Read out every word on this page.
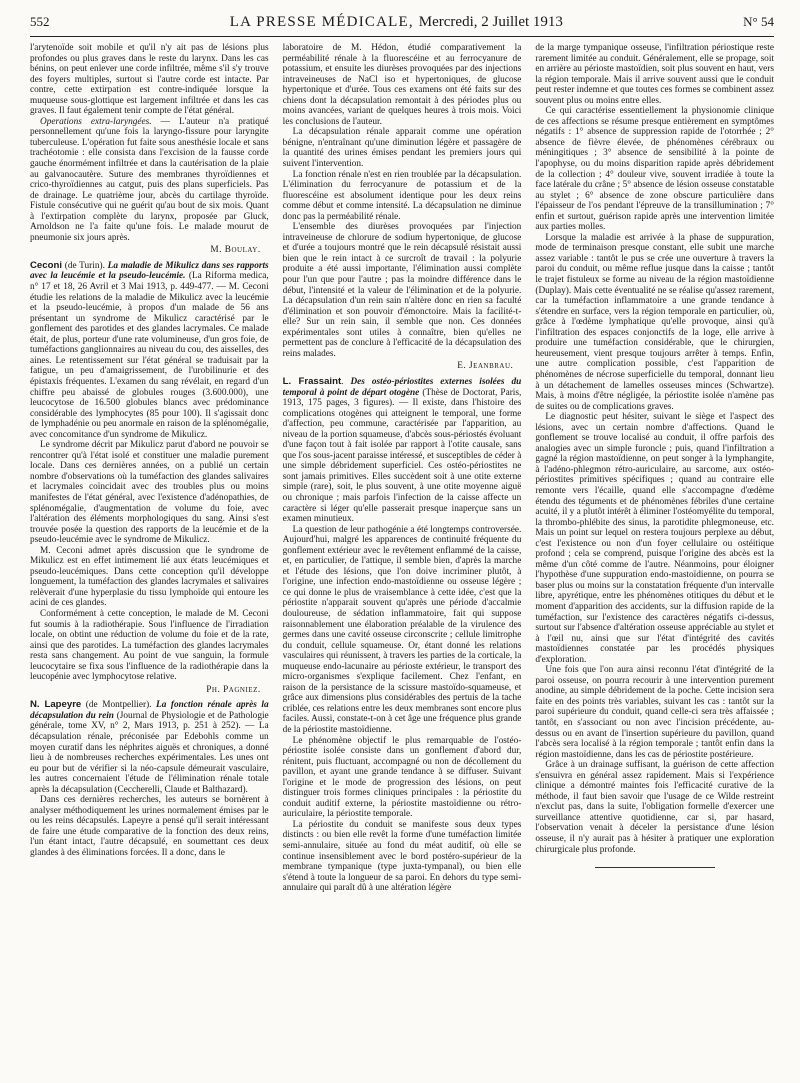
552	LA PRESSE MÉDICALE, Mercredi, 2 Juillet 1913	N° 54

l'arytenoïde soit mobile et qu'il n'y ait pas de lésions plus profondes ou plus graves dans le reste du larynx. Dans les cas bénins, on peut enlever une corde infiltrée, même s'il s'y trouve des foyers multiples, surtout si l'autre corde est intacte. Par contre, cette extirpation est contre-indiquée lorsque la muqueuse sous-glottique est largement infiltrée et dans les cas graves. Il faut également tenir compte de l'état général.

Operations extra-laryngées. — L'auteur n'a pratiqué personnellement qu'une fois la laryngo-fissure pour laryngite tuberculeuse. L'opération fut faite sous anesthésie locale et sans trachéotomie : elle consista dans l'excision de la fausse corde gauche énormément infiltrée et dans la cautérisation de la plaie au galvanocautère. Suture des membranes thyroïdiennes et crico-thyroïdiennes au catgut, puis des plans superficiels. Pas de drainage. Le quatrième jour, abcès du cartilage thyroïde. Fistule consécutive qui ne guérit qu'au bout de six mois. Quant à l'extirpation complète du larynx, proposée par Gluck, Arnoldson ne l'a faite qu'une fois. Le malade mourut de pneumonie six jours après.

M. Boulay.

Ceconi (de Turin). La maladie de Mikulicz dans ses rapports avec la leucémie et la pseudo-leucémie. (La Riforma medica, n° 17 et 18, 26 Avril et 3 Mai 1913, p. 449-477. — M. Ceconi étudie les relations de la maladie de Mikulicz avec la leucémie et la pseudo-leucémie, à propos d'un malade de 56 ans présentant un syndrome de Mikulicz caractérisé par le gonflement des parotides et des glandes lacrymales. Ce malade était, de plus, porteur d'une rate volumineuse, d'un gros foie, de tuméfactions ganglionnaires au niveau du cou, des aisselles, des aines. Le retentissement sur l'état général se traduisait par la fatigue, un peu d'amaigrissement, de l'urobilinurie et des épistaxis fréquentes. L'examen du sang révélait, en regard d'un chiffre peu abaissé de globules rouges (3.600.000), une leucocytose de 16.500 globules blancs avec prédominance considérable des lymphocytes (85 pour 100). Il s'agissait donc de lymphadénie ou peu anormale en raison de la splénomégalie, avec concomitance d'un syndrome de Mikulicz.

Le syndrome décrit par Mikulicz parut d'abord ne pouvoir se rencontrer qu'à l'état isolé et constituer une maladie purement locale. Dans ces dernières années, on a publié un certain nombre d'observations où la tuméfaction des glandes salivaires et lacrymales coïncidait avec des troubles plus ou moins manifestes de l'état général, avec l'existence d'adénopathies, de splénomégalie, d'augmentation de volume du foie, avec l'altération des éléments morphologiques du sang. Ainsi s'est trouvée posée la question des rapports de la leucémie et de la pseudo-leucémie avec le syndrome de Mikulicz.

M. Ceconi admet après discussion que le syndrome de Mikulicz est en effet intimement lié aux états leucémiques et pseudo-leucémiques. Dans cette conception qu'il développe longuement, la tuméfaction des glandes lacrymales et salivaires relèverait d'une hyperplasie du tissu lymphoïde qui entoure les acini de ces glandes.

Conformément à cette conception, le malade de M. Ceconi fut soumis à la radiothérapie. Sous l'influence de l'irradiation locale, on obtint une réduction de volume du foie et de la rate, ainsi que des parotides. La tuméfaction des glandes lacrymales resta sans changement. Au point de vue sanguin, la formule leucocytaire se fixa sous l'influence de la radiothérapie dans la leucopénie avec lymphocytose relative.

Ph. Pagniez.

N. Lapeyre (de Montpellier). La fonction rénale après la décapsulation du rein (Journal de Physiologie et de Pathologie générale, tome XV, n° 2, Mars 1913, p. 251 à 252). — La décapsulation rénale, préconisée par Edebohls comme un moyen curatif dans les néphrites aiguës et chroniques, a donné lieu à de nombreuses recherches expérimentales. Les unes ont eu pour but de vérifier si la néo-capsule démeurait vasculaire, les autres concernaient l'étude de l'élimination rénale totale après la décapsulation (Ceccherelli, Claude et Balthazard).

Dans ces dernières recherches, les auteurs se bornèrent à analyser méthodiquement les urines normalement émises par le ou les reins décapsulés. Lapeyre a pensé qu'il serait intéressant de faire une étude comparative de la fonction des deux reins, l'un étant intact, l'autre décapsulé, en soumettant ces deux glandes à des éliminations forcées. Il a donc, dans le

laboratoire de M. Hédon, étudié comparativement la perméabilité rénale à la fluorescéine et au ferrocyanure de potassium, et ensuite les diurèses provoquées par des injections intraveineuses de NaCl iso et hypertoniques, de glucose hypertonique et d'urée. Tous ces examens ont été faits sur des chiens dont la décapsulation remontait à des périodes plus ou moins avancées, variant de quelques heures à trois mois. Voici les conclusions de l'auteur.

La décapsulation rénale apparait comme une opération bénigne, n'entraînant qu'une diminution légère et passagère de la quantité des urines émises pendant les premiers jours qui suivent l'intervention.

La fonction rénale n'est en rien troublée par la décapsulation. L'élimination du ferrocyanure de potassium et de la fluorescéine est absolument identique pour les deux reins comme début et comme intensité. La décapsulation ne diminue donc pas la perméabilité rénale.

L'ensemble des diurèses provoquées par l'injection intraveineuse de chlorure de sodium hypertonique, de glucose et d'urée a toujours montré que le rein décapsulé résistait aussi bien que le rein intact à ce surcroît de travail : la polyurie produite a été aussi importante, l'élimination aussi complète pour l'un que pour l'autre ; pas la moindre différence dans le début, l'intensité et la valeur de l'élimination et de la polyurie. La décapsulation d'un rein sain n'altère donc en rien sa faculté d'élimination et son pouvoir d'émonctoire. Mais la facilité-t-elle? Sur un rein sain, il semble que non. Ces données expérimentales sont utiles à connaître, bien qu'elles ne permettent pas de conclure à l'efficacité de la décapsulation des reins malades.

E. Jeanbrau.

L. Frassaint. Des ostéo-périostites externes isolées du temporal à point de départ otogène (Thèse de Doctorat, Paris, 1913, 175 pages, 3 figures). — Il existe, dans l'histoire des complications otogènes qui atteignent le temporal, une forme d'affection, peu commune, caractérisée par l'apparition, au niveau de la portion squameuse, d'abcès sous-périostés évoluant d'une façon tout à fait isolée par rapport à l'otite causale, sans que l'os sous-jacent paraisse intéressé, et susceptibles de céder à une simple débridement superficiel. Ces ostéo-périostites ne sont jamais primitives. Elles succèdent soit à une otite externe simple (rare), soit, le plus souvent, à une otite moyenne aiguë ou chronique ; mais parfois l'infection de la caisse affecte un caractère si léger qu'elle passerait presque inaperçue sans un examen minutieux.

La question de leur pathogénie a été longtemps controversée. Aujourd'hui, malgré les apparences de continuité fréquente du gonflement extérieur avec le revêtement enflammé de la caisse, et, en particulier, de l'attique, il semble bien, d'après la marche et l'étude des lésions, que l'on doive incriminer plutôt, à l'origine, une infection endo-mastoïdienne ou osseuse légère ; ce qui donne le plus de vraisemblance à cette idée, c'est que la périostite n'apparait souvent qu'après une période d'accalmie douloureuse, de sédation inflammatoire, fait qui suppose raisonnablement une élaboration préalable de la virulence des germes dans une cavité osseuse circonscrite ; cellule limitrophe du conduit, cellule squameuse. Or, étant donné les relations vasculaires qui réunissent, à travers les parties de la corticale, la muqueuse endo-lacunaire au périoste extérieur, le transport des micro-organismes s'explique facilement. Chez l'enfant, en raison de la persistance de la scissure mastoïdo-squameuse, et grâce aux dimensions plus considérables des pertuis de la tache criblée, ces relations entre les deux membranes sont encore plus faciles. Aussi, constate-t-on à cet âge une fréquence plus grande de la périostite mastoïdienne.

Le phénomène objectif le plus remarquable de l'ostéo-périostite isolée consiste dans un gonflement d'abord dur, rénitent, puis fluctuant, accompagné ou non de décollement du pavillon, et ayant une grande tendance à se diffuser. Suivant l'origine et le mode de progression des lésions, on peut distinguer trois formes cliniques principales : la périostite du conduit auditif externe, la périostite mastoïdienne ou rétro-auriculaire, la périostite temporale.

La périostite du conduit se manifeste sous deux types distincts : ou bien elle revêt la forme d'une tuméfaction limitée semi-annulaire, située au fond du méat auditif, où elle se continue insensiblement avec le bord postéro-supérieur de la membrane tympanique (type juxta-tympanal), ou bien elle s'étend à toute la longueur de sa paroi. En dehors du type semi-annulaire qui paraît dû à une altération légère

de la marge tympanique osseuse, l'infiltration périostique reste rarement limitée au conduit. Généralement, elle se propage, soit en arrière au périoste mastoïdien, soit plus souvent en haut, vers la région temporale. Mais il arrive souvent aussi que le conduit peut rester indemne et que toutes ces formes se combinent assez souvent plus ou moins entre elles.

Ce qui caractérise essentiellement la physionomie clinique de ces affections se résume presque entièrement en symptômes négatifs : 1° absence de suppression rapide de l'otorrhée ; 2° absence de fièvre élevée, de phénomènes cérébraux ou méningitiques ; 3° absence de sensibilité à la pointe de l'apophyse, ou du moins disparition rapide après débridement de la collection ; 4° douleur vive, souvent irradiée à toute la face latérale du crâne ; 5° absence de lésion osseuse constatable au stylet ; 6° absence de zone obscure particulière dans l'épaisseur de l'os pendant l'épreuve de la transillumination ; 7° enfin et surtout, guérison rapide après une intervention limitée aux parties molles.

Lorsque la maladie est arrivée à la phase de suppuration, mode de terminaison presque constant, elle subit une marche assez variable : tantôt le pus se crée une ouverture à travers la paroi du conduit, ou même reflue jusque dans la caisse ; tantôt le trajet fistuleux se forme au niveau de la région mastoïdienne (Duplay). Mais cette éventualité ne se réalise qu'assez rarement, car la tuméfaction inflammatoire a une grande tendance à s'étendre en surface, vers la région temporale en particulier, où, grâce à l'œdème lymphatique qu'elle provoque, ainsi qu'à l'infiltration des espaces conjonctifs de la loge, elle arrive à produire une tuméfaction considérable, que le chirurgien, heureusement, vient presque toujours arrêter à temps. Enfin, une autre complication possible, c'est l'apparition de phénomènes de nécrose superficielle du temporal, donnant lieu à un détachement de lamelles osseuses minces (Schwartze). Mais, à moins d'être négligée, la périostite isolée n'amène pas de suites ou de complications graves.

Le diagnostic peut hésiter, suivant le siège et l'aspect des lésions, avec un certain nombre d'affections. Quand le gonflement se trouve localisé au conduit, il offre parfois des analogies avec un simple furoncle ; puis, quand l'infiltration a gagné la région mastoïdienne, on peut songer à la lymphangite, à l'adéno-phlegmon rétro-auriculaire, au sarcome, aux ostéo-périostites primitives spécifiques ; quand au contraire elle remonte vers l'écaille, quand elle s'accompagne d'œdème étendu des téguments et de phénomènes fébriles d'une certaine acuité, il y a plutôt intérêt à éliminer l'ostéomyélite du temporal, la thrombo-phlébite des sinus, la parotidite phlegmoneuse, etc. Mais un point sur lequel on restera toujours perplexe au début, c'est l'existence ou non d'un foyer cellulaire ou ostéitique profond ; cela se comprend, puisque l'origine des abcès est la même d'un côté comme de l'autre. Néanmoins, pour éloigner l'hypothèse d'une suppuration endo-mastoïdienne, on pourra se baser plus ou moins sur la constatation fréquente d'un intervalle libre, apyrétique, entre les phénomènes otitiques du début et le moment d'apparition des accidents, sur la diffusion rapide de la tuméfaction, sur l'existence des caractères négatifs ci-dessus, surtout sur l'absence d'altération osseuse appréciable au stylet et à l'œil nu, ainsi que sur l'état d'intégrité des cavités mastoïdiennes constatée par les procédés physiques d'exploration.

Une fois que l'on aura ainsi reconnu l'état d'intégrité de la paroi osseuse, on pourra recourir à une intervention purement anodine, au simple débridement de la poche. Cette incision sera faite en des points très variables, suivant les cas : tantôt sur la paroi supérieure du conduit, quand celle-ci sera très affaissée ; tantôt, en s'associant ou non avec l'incision précédente, au-dessus ou en avant de l'insertion supérieure du pavillon, quand l'abcès sera localisé à la région temporale ; tantôt enfin dans la région mastoïdienne, dans les cas de périostite postérieure.

Grâce à un drainage suffisant, la guérison de cette affection s'ensuivra en général assez rapidement. Mais si l'expérience clinique a démontré maintes fois l'efficacité curative de la méthode, il faut bien savoir que l'usage de ce Wilde restreint n'exclut pas, dans la suite, l'obligation formelle d'exercer une surveillance attentive quotidienne, car si, par hasard, l'observation venait à déceler la persistance d'une lésion osseuse, il n'y aurait pas à hésiter à pratiquer une exploration chirurgicale plus profonde.
